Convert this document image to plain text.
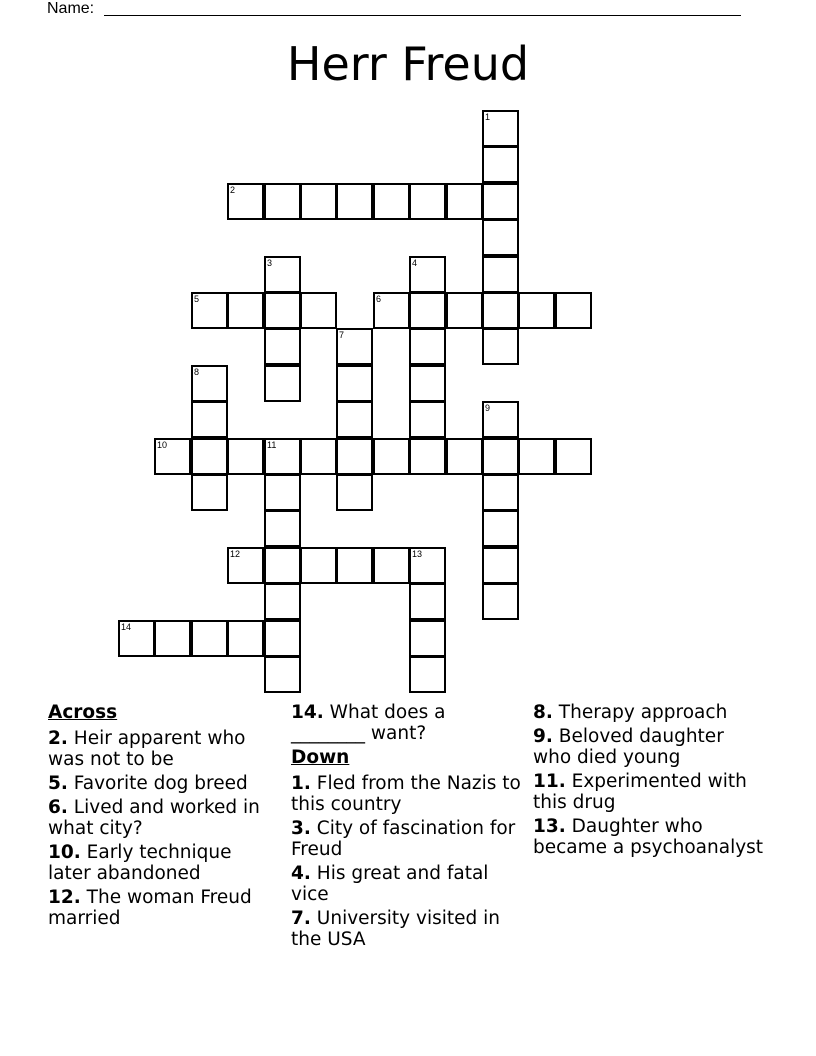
Name:
Herr Freud
1
2
3	4
5	6
7
8
9
10	11
12	13
14
Across
2. Heir apparent who was not to be
5. Favorite dog breed
6. Lived and worked in what city?
10. Early technique later abandoned
12. The woman Freud married
14. What does a ________ want?
Down
1. Fled from the Nazis to this country
3. City of fascination for Freud
4. His great and fatal vice
7. University visited in the USA
8. Therapy approach
9. Beloved daughter who died young
11. Experimented with this drug
13. Daughter who became a psychoanalyst
